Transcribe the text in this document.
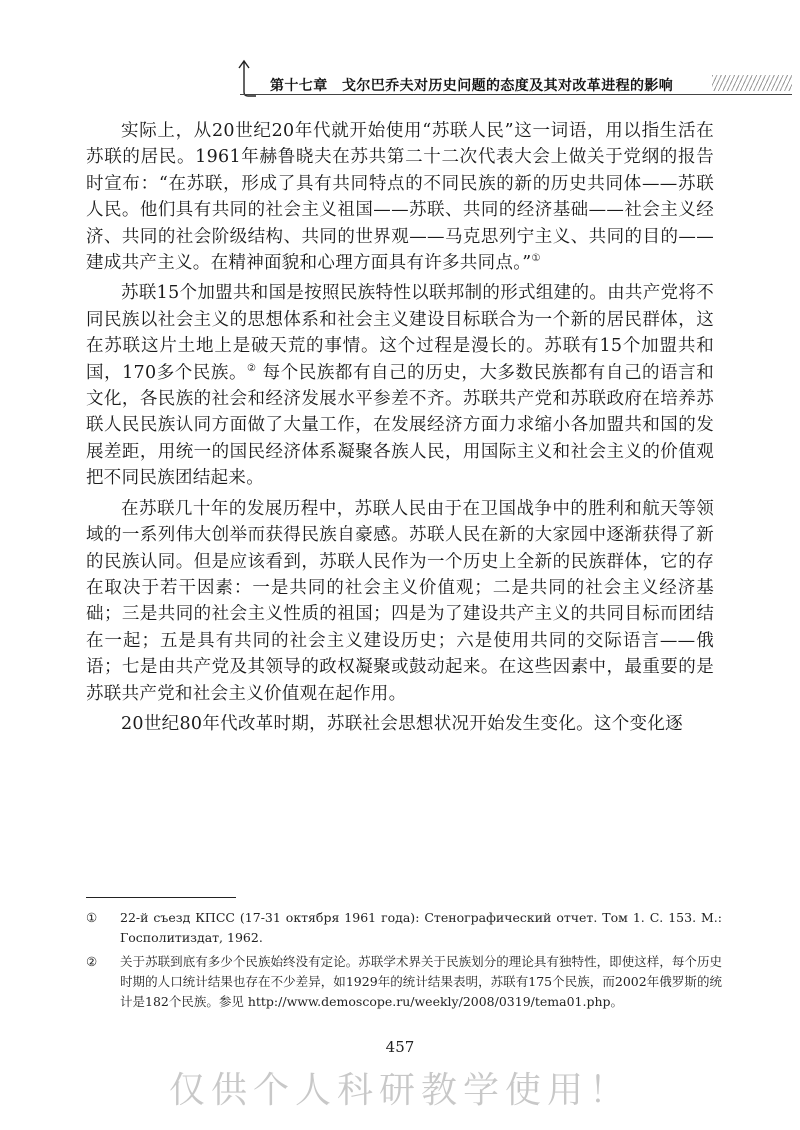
第十七章　戈尔巴乔夫对历史问题的态度及其对改革进程的影响

实际上，从20世纪20年代就开始使用“苏联人民”这一词语，用以指生活在苏联的居民。1961年赫鲁晓夫在苏共第二十二次代表大会上做关于党纲的报告时宣布：“在苏联，形成了具有共同特点的不同民族的新的历史共同体——苏联人民。他们具有共同的社会主义祖国——苏联、共同的经济基础——社会主义经济、共同的社会阶级结构、共同的世界观——马克思列宁主义、共同的目的——建成共产主义。在精神面貌和心理方面具有许多共同点。”①

苏联15个加盟共和国是按照民族特性以联邦制的形式组建的。由共产党将不同民族以社会主义的思想体系和社会主义建设目标联合为一个新的居民群体，这在苏联这片土地上是破天荒的事情。这个过程是漫长的。苏联有15个加盟共和国，170多个民族。② 每个民族都有自己的历史，大多数民族都有自己的语言和文化，各民族的社会和经济发展水平参差不齐。苏联共产党和苏联政府在培养苏联人民民族认同方面做了大量工作，在发展经济方面力求缩小各加盟共和国的发展差距，用统一的国民经济体系凝聚各族人民，用国际主义和社会主义的价值观把不同民族团结起来。

在苏联几十年的发展历程中，苏联人民由于在卫国战争中的胜利和航天等领域的一系列伟大创举而获得民族自豪感。苏联人民在新的大家园中逐渐获得了新的民族认同。但是应该看到，苏联人民作为一个历史上全新的民族群体，它的存在取决于若干因素：一是共同的社会主义价值观；二是共同的社会主义经济基础；三是共同的社会主义性质的祖国；四是为了建设共产主义的共同目标而团结在一起；五是具有共同的社会主义建设历史；六是使用共同的交际语言——俄语；七是由共产党及其领导的政权凝聚或鼓动起来。在这些因素中，最重要的是苏联共产党和社会主义价值观在起作用。

20世纪80年代改革时期，苏联社会思想状况开始发生变化。这个变化逐

① 22-й съезд КПСС (17-31 октября 1961 года): Стенографический отчет. Том 1. С. 153. М.: Госполитиздат, 1962.

② 关于苏联到底有多少个民族始终没有定论。苏联学术界关于民族划分的理论具有独特性，即使这样，每个历史时期的人口统计结果也存在不少差异，如1929年的统计结果表明，苏联有175个民族，而2002年俄罗斯的统计是182个民族。参见 http://www.demoscope.ru/weekly/2008/0319/tema01.php。

457
仅供个人科研教学使用！
